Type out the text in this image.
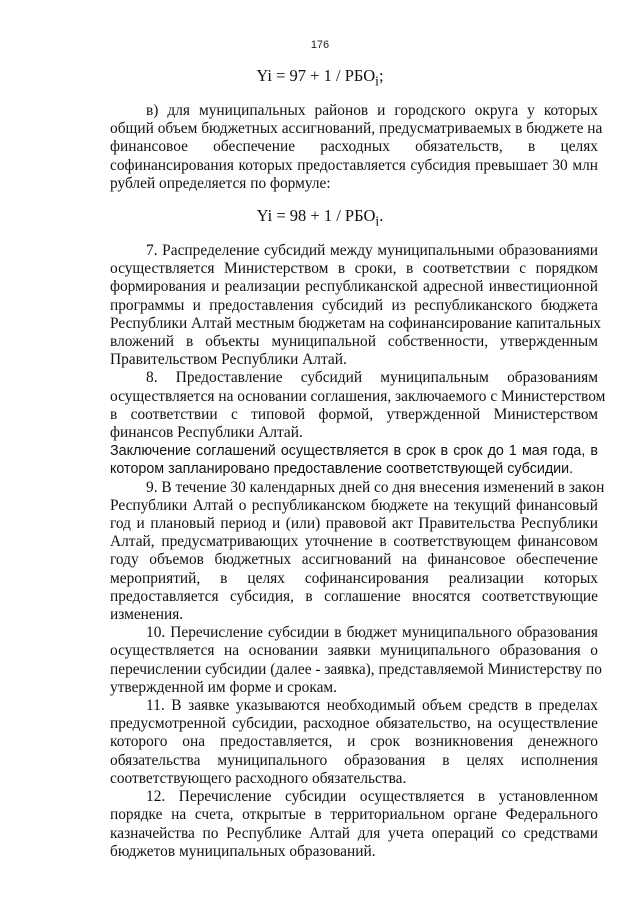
176
$Yi = 97 + 1 / РБО_i$;
в) для муниципальных районов и городского округа у которых
общий объем бюджетных ассигнований, предусматриваемых в бюджете на
финансовое обеспечение расходных обязательств, в целях
софинансирования которых предоставляется субсидия превышает 30 млн
рублей определяется по формуле:
$Yi = 98 + 1 / РБО_i$.
7. Распределение субсидий между муниципальными образованиями
осуществляется Министерством в сроки, в соответствии с порядком
формирования и реализации республиканской адресной инвестиционной
программы и предоставления субсидий из республиканского бюджета
Республики Алтай местным бюджетам на софинансирование капитальных
вложений в объекты муниципальной собственности, утвержденным
Правительством Республики Алтай.
8. Предоставление субсидий муниципальным образованиям
осуществляется на основании соглашения, заключаемого с Министерством
в соответствии с типовой формой, утвержденной Министерством
финансов Республики Алтай.
Заключение соглашений осуществляется в срок в срок до 1 мая года, в
котором запланировано предоставление соответствующей субсидии.
9. В течение 30 календарных дней со дня внесения изменений в закон
Республики Алтай о республиканском бюджете на текущий финансовый
год и плановый период и (или) правовой акт Правительства Республики
Алтай, предусматривающих уточнение в соответствующем финансовом
году объемов бюджетных ассигнований на финансовое обеспечение
мероприятий, в целях софинансирования реализации которых
предоставляется субсидия, в соглашение вносятся соответствующие
изменения.
10. Перечисление субсидии в бюджет муниципального образования
осуществляется на основании заявки муниципального образования о
перечислении субсидии (далее - заявка), представляемой Министерству по
утвержденной им форме и срокам.
11. В заявке указываются необходимый объем средств в пределах
предусмотренной субсидии, расходное обязательство, на осуществление
которого она предоставляется, и срок возникновения денежного
обязательства муниципального образования в целях исполнения
соответствующего расходного обязательства.
12. Перечисление субсидии осуществляется в установленном
порядке на счета, открытые в территориальном органе Федерального
казначейства по Республике Алтай для учета операций со средствами
бюджетов муниципальных образований.
